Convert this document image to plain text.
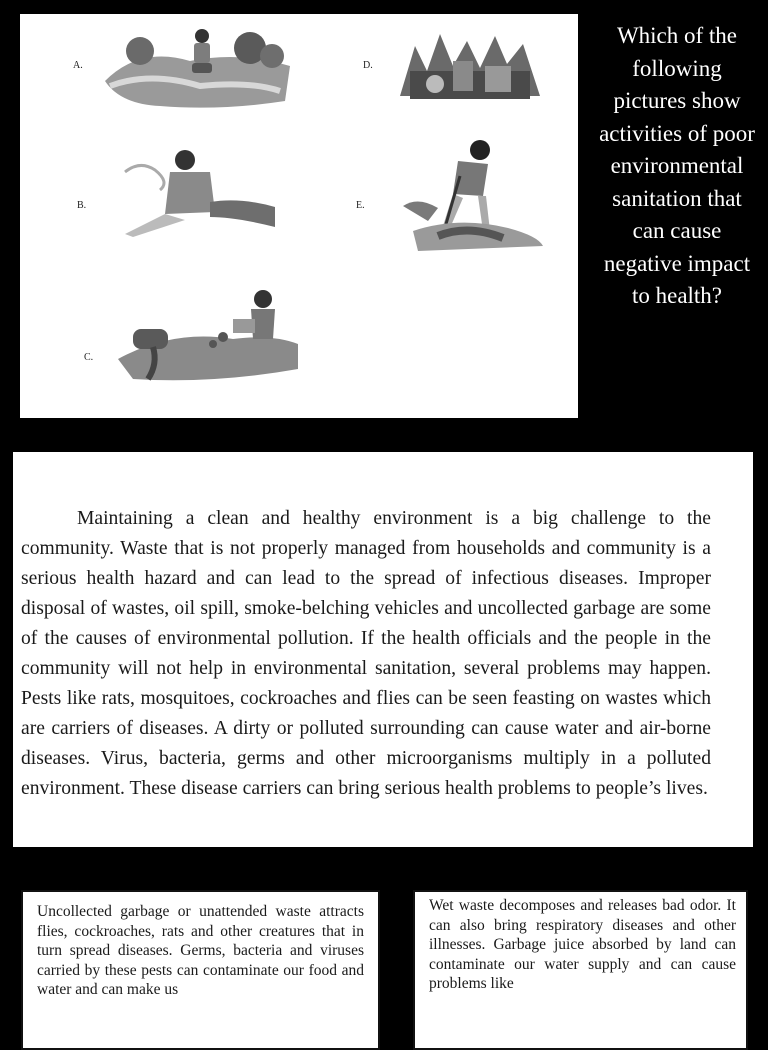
A.	D.
B.	E.
C.
Which of the following pictures show activities of poor environmental sanitation that can cause negative impact to health?

Maintaining a clean and healthy environment is a big challenge to the community. Waste that is not properly managed from households and community is a serious health hazard and can lead to the spread of infectious diseases. Improper disposal of wastes, oil spill, smoke-belching vehicles and uncollected garbage are some of the causes of environmental pollution. If the health officials and the people in the community will not help in environmental sanitation, several problems may happen. Pests like rats, mosquitoes, cockroaches and flies can be seen feasting on wastes which are carriers of diseases. A dirty or polluted surrounding can cause water and air-borne diseases. Virus, bacteria, germs and other microorganisms multiply in a polluted environment. These disease carriers can bring serious health problems to people’s lives.

Uncollected garbage or unattended waste attracts flies, cockroaches, rats and other creatures that in turn spread diseases. Germs, bacteria and viruses carried by these pests can contaminate our food and water and can make us

Wet waste decomposes and releases bad odor. It can also bring respiratory diseases and other illnesses. Garbage juice absorbed by land can contaminate our water supply and can cause problems like
